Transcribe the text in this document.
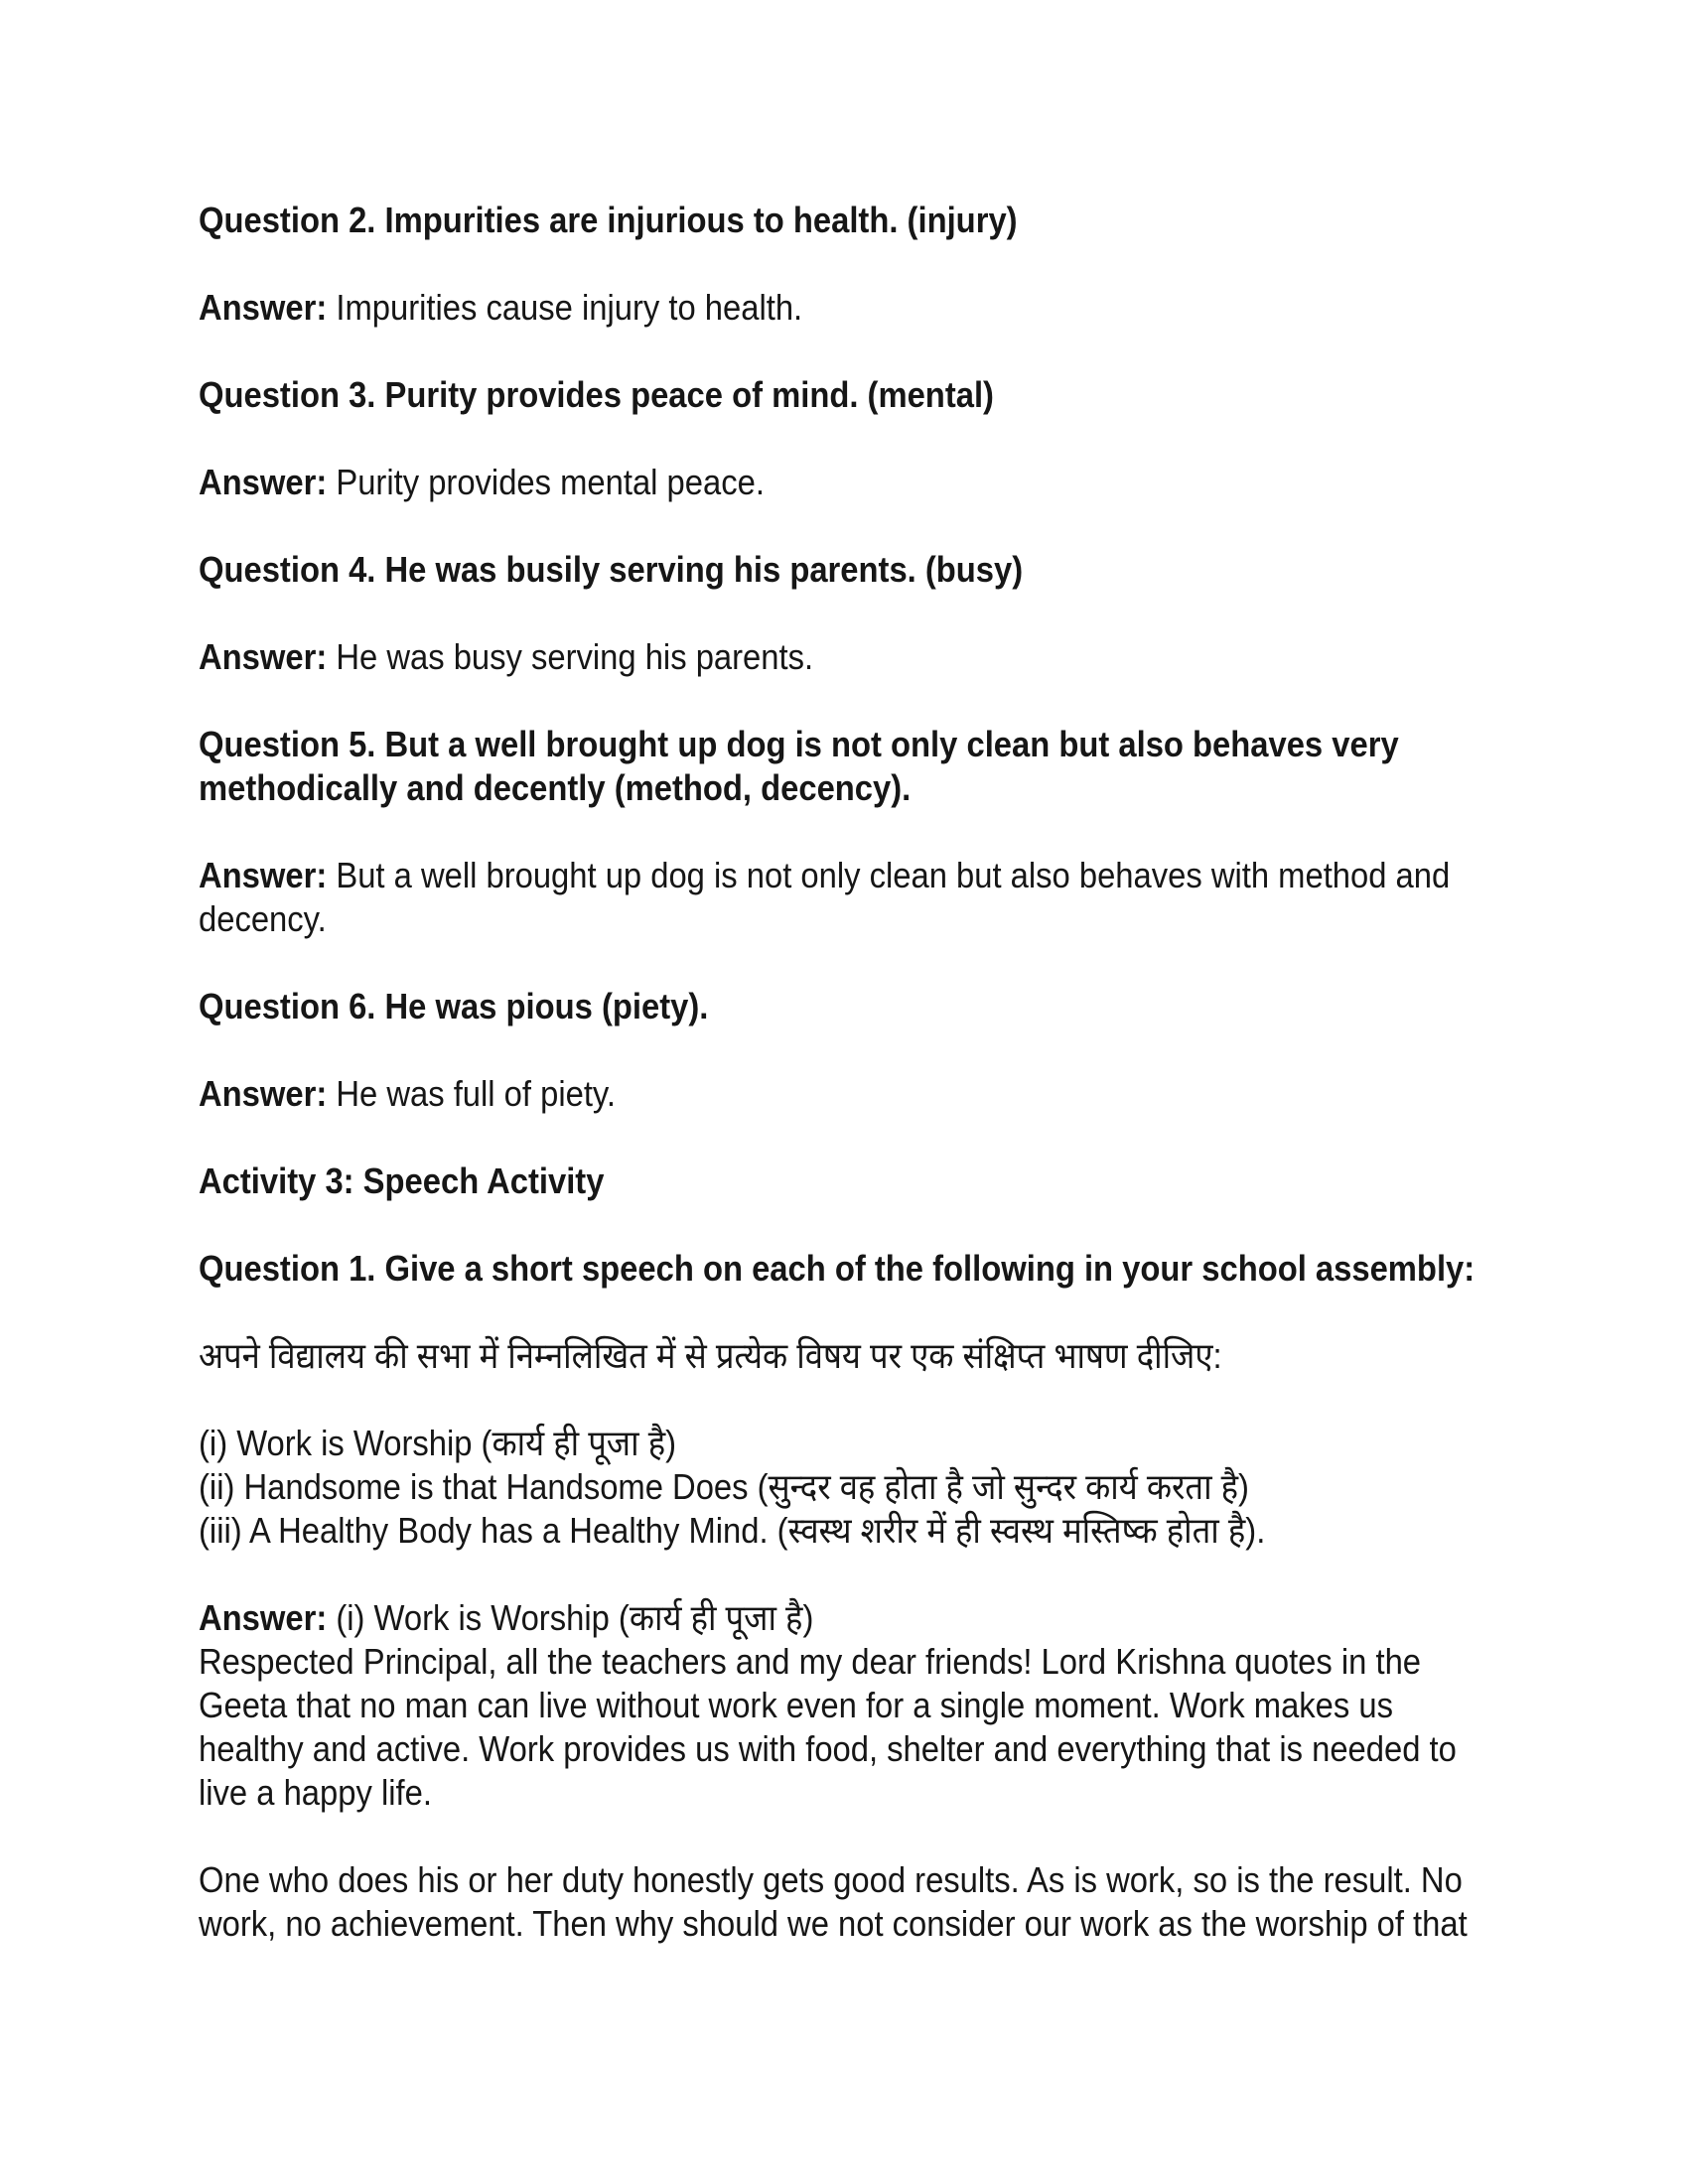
Question 2. Impurities are injurious to health. (injury)
Answer: Impurities cause injury to health.
Question 3. Purity provides peace of mind. (mental)
Answer: Purity provides mental peace.
Question 4. He was busily serving his parents. (busy)
Answer: He was busy serving his parents.
Question 5. But a well brought up dog is not only clean but also behaves very
methodically and decently (method, decency).
Answer: But a well brought up dog is not only clean but also behaves with method and
decency.
Question 6. He was pious (piety).
Answer: He was full of piety.
Activity 3: Speech Activity
Question 1. Give a short speech on each of the following in your school assembly:
अपने विद्यालय की सभा में निम्नलिखित में से प्रत्येक विषय पर एक संक्षिप्त भाषण दीजिए:
(i) Work is Worship (कार्य ही पूजा है)
(ii) Handsome is that Handsome Does (सुन्दर वह होता है जो सुन्दर कार्य करता है)
(iii) A Healthy Body has a Healthy Mind. (स्वस्थ शरीर में ही स्वस्थ मस्तिष्क होता है).
Answer: (i) Work is Worship (कार्य ही पूजा है)
Respected Principal, all the teachers and my dear friends! Lord Krishna quotes in the
Geeta that no man can live without work even for a single moment. Work makes us
healthy and active. Work provides us with food, shelter and everything that is needed to
live a happy life.
One who does his or her duty honestly gets good results. As is work, so is the result. No
work, no achievement. Then why should we not consider our work as the worship of that
